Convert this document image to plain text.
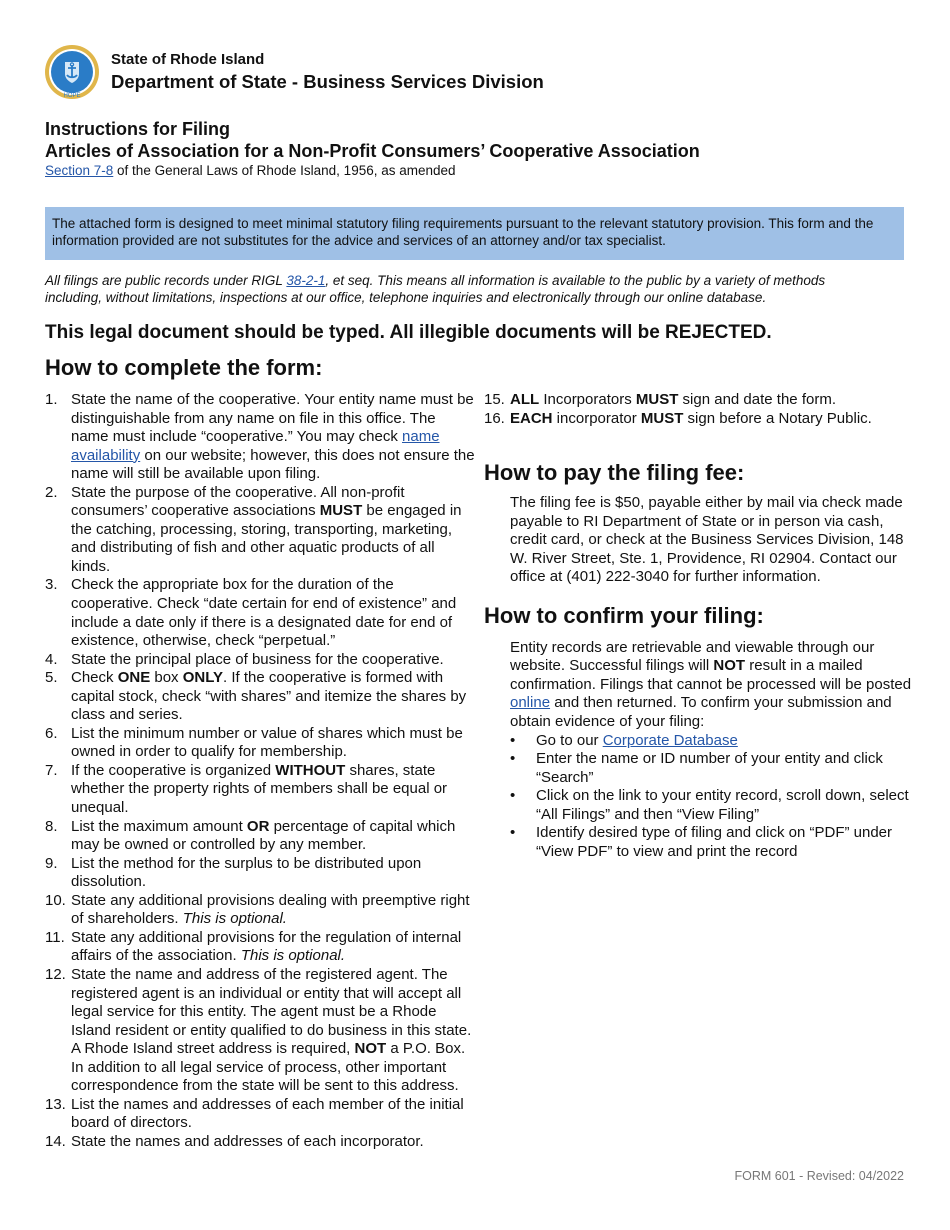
HOPE
State of Rhode Island
Department of State - Business Services Division
Instructions for Filing
Articles of Association for a Non-Profit Consumers’ Cooperative Association
Section 7-8 of the General Laws of Rhode Island, 1956, as amended
The attached form is designed to meet minimal statutory filing requirements pursuant to the relevant statutory provision. This form and the information provided are not substitutes for the advice and services of an attorney and/or tax specialist.
All filings are public records under RIGL 38-2-1, et seq. This means all information is available to the public by a variety of methods including, without limitations, inspections at our office, telephone inquiries and electronically through our online database.
This legal document should be typed. All illegible documents will be REJECTED.
How to complete the form:
1. State the name of the cooperative. Your entity name must be distinguishable from any name on file in this office. The name must include “cooperative.” You may check name availability on our website; however, this does not ensure the name will still be available upon filing.
2. State the purpose of the cooperative. All non-profit consumers’ cooperative associations MUST be engaged in the catching, processing, storing, transporting, marketing, and distributing of fish and other aquatic products of all kinds.
3. Check the appropriate box for the duration of the cooperative. Check “date certain for end of existence” and include a date only if there is a designated date for end of existence, otherwise, check “perpetual.”
4. State the principal place of business for the cooperative.
5. Check ONE box ONLY. If the cooperative is formed with capital stock, check “with shares” and itemize the shares by class and series.
6. List the minimum number or value of shares which must be owned in order to qualify for membership.
7. If the cooperative is organized WITHOUT shares, state whether the property rights of members shall be equal or unequal.
8. List the maximum amount OR percentage of capital which may be owned or controlled by any member.
9. List the method for the surplus to be distributed upon dissolution.
10. State any additional provisions dealing with preemptive right of shareholders. This is optional.
11. State any additional provisions for the regulation of internal affairs of the association. This is optional.
12. State the name and address of the registered agent. The registered agent is an individual or entity that will accept all legal service for this entity. The agent must be a Rhode Island resident or entity qualified to do business in this state. A Rhode Island street address is required, NOT a P.O. Box. In addition to all legal service of process, other important correspondence from the state will be sent to this address.
13. List the names and addresses of each member of the initial board of directors.
14. State the names and addresses of each incorporator.
15. ALL Incorporators MUST sign and date the form.
16. EACH incorporator MUST sign before a Notary Public.
How to pay the filing fee:
The filing fee is $50, payable either by mail via check made payable to RI Department of State or in person via cash, credit card, or check at the Business Services Division, 148 W. River Street, Ste. 1, Providence, RI 02904. Contact our office at (401) 222-3040 for further information.
How to confirm your filing:
Entity records are retrievable and viewable through our website. Successful filings will NOT result in a mailed confirmation. Filings that cannot be processed will be posted online and then returned. To confirm your submission and obtain evidence of your filing:
•	Go to our Corporate Database
•	Enter the name or ID number of your entity and click “Search”
•	Click on the link to your entity record, scroll down, select “All Filings” and then “View Filing”
•	Identify desired type of filing and click on “PDF” under “View PDF” to view and print the record
FORM 601 - Revised: 04/2022
